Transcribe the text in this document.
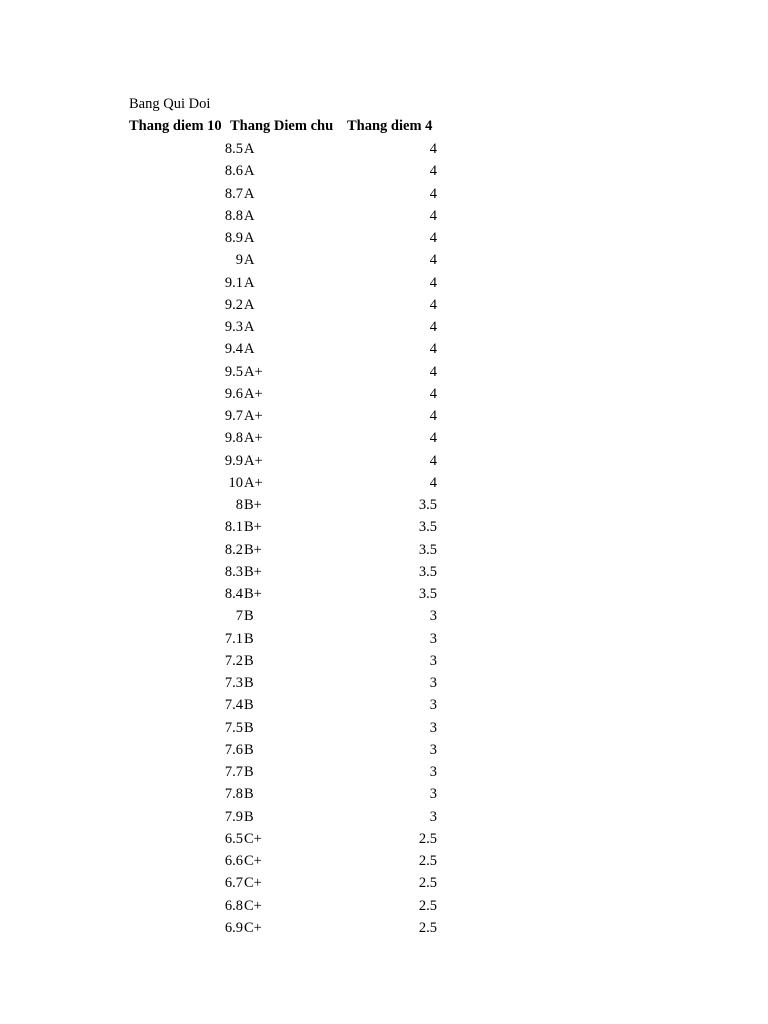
Bang Qui Doi
Thang diem 10 Thang Diem chu Thang diem 4
8.5 A	4
8.6 A	4
8.7 A	4
8.8 A	4
8.9 A	4
9 A	4
9.1 A	4
9.2 A	4
9.3 A	4
9.4 A	4
9.5 A+	4
9.6 A+	4
9.7 A+	4
9.8 A+	4
9.9 A+	4
10 A+	4
8 B+	3.5
8.1 B+	3.5
8.2 B+	3.5
8.3 B+	3.5
8.4 B+	3.5
7 B	3
7.1 B	3
7.2 B	3
7.3 B	3
7.4 B	3
7.5 B	3
7.6 B	3
7.7 B	3
7.8 B	3
7.9 B	3
6.5 C+	2.5
6.6 C+	2.5
6.7 C+	2.5
6.8 C+	2.5
6.9 C+	2.5
